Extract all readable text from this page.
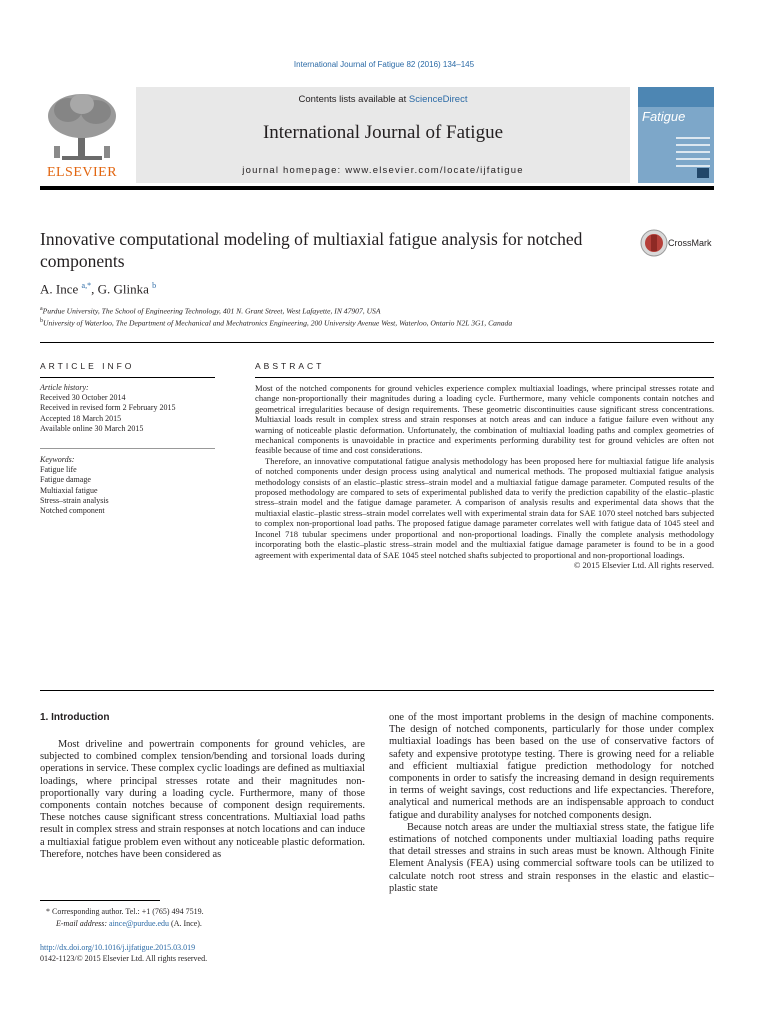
International Journal of Fatigue 82 (2016) 134–145
ELSEVIER
Contents lists available at ScienceDirect
International Journal of Fatigue
journal homepage: www.elsevier.com/locate/ijfatigue
Fatigue
Innovative computational modeling of multiaxial fatigue analysis for notched components
CrossMark
A. Ince $^{a,*}$, G. Glinka $^b$
$^a$Purdue University, The School of Engineering Technology, 401 N. Grant Street, West Lafayette, IN 47907, USA
$^b$University of Waterloo, The Department of Mechanical and Mechatronics Engineering, 200 University Avenue West, Waterloo, Ontario N2L 3G1, Canada
ARTICLE INFO
Article history:
Received 30 October 2014
Received in revised form 2 February 2015
Accepted 18 March 2015
Available online 30 March 2015
Keywords:
Fatigue life
Fatigue damage
Multiaxial fatigue
Stress–strain analysis
Notched component
ABSTRACT

Most of the notched components for ground vehicles experience complex multiaxial loadings, where principal stresses rotate and change non-proportionally their magnitudes during a loading cycle. Furthermore, many vehicle components contain notches and geometrical irregularities because of design requirements. These geometric discontinuities cause significant stress concentrations. Multiaxial loads result in complex stress and strain responses at notch areas and can induce a fatigue failure even without any warning of noticeable plastic deformation. Unfortunately, the combination of multiaxial loading paths and complex geometries of mechanical components is unavoidable in practice and experiments performing durability test for ground vehicles are often not feasible because of time and cost considerations.

Therefore, an innovative computational fatigue analysis methodology has been proposed here for multiaxial fatigue life analysis of notched components under design process using analytical and numerical methods. The proposed multiaxial fatigue analysis methodology consists of an elastic–plastic stress–strain model and a multiaxial fatigue damage parameter. Computed results of the proposed methodology are compared to sets of experimental published data to verify the prediction capability of the elastic–plastic stress–strain model and the fatigue damage parameter. A comparison of analysis results and experimental data shows that the multiaxial elastic–plastic stress–strain model correlates well with experimental strain data for SAE 1070 steel notched bars subjected to complex non-proportional load paths. The proposed fatigue damage parameter correlates well with fatigue data of 1045 steel and Inconel 718 tubular specimens under proportional and non-proportional loadings. Finally the complete analysis methodology incorporating both the elastic–plastic stress–strain model and the multiaxial fatigue damage parameter is found to be in a good agreement with experimental data of SAE 1045 steel notched shafts subjected to proportional and non-proportional loadings.

© 2015 Elsevier Ltd. All rights reserved.

1. Introduction
Most driveline and powertrain components for ground vehicles, are subjected to combined complex tension/bending and torsional loads during operations in service. These complex cyclic loadings are defined as multiaxial loadings, where principal stresses rotate and their magnitudes non-proportionally vary during a loading cycle. Furthermore, many of those components contain notches because of component design requirements. These notches cause significant stress concentrations. Multiaxial load paths result in complex stress and strain responses at notch locations and can induce a multiaxial fatigue problem even without any noticeable plastic deformation. Therefore, notches have been considered as

one of the most important problems in the design of machine components. The design of notched components, particularly for those under complex multiaxial loadings has been based on the use of conservative factors of safety and expensive prototype testing. There is growing need for a reliable and efficient multiaxial fatigue prediction methodology for notched components in order to satisfy the increasing demand in design requirements in terms of weight savings, cost reductions and life expectancies. Therefore, analytical and numerical methods are an indispensable approach to conduct fatigue and durability analyses for notched components design.

Because notch areas are under the multiaxial stress state, the fatigue life estimations of notched components under multiaxial loading paths require that detail stresses and strains in such areas must be known. Although Finite Element Analysis (FEA) using commercial software tools can be utilized to calculate notch root stress and strain responses in the elastic and elastic–plastic state

* Corresponding author. Tel.: +1 (765) 494 7519.
E-mail address: aince@purdue.edu (A. Ince).
http://dx.doi.org/10.1016/j.ijfatigue.2015.03.019
0142-1123/© 2015 Elsevier Ltd. All rights reserved.
